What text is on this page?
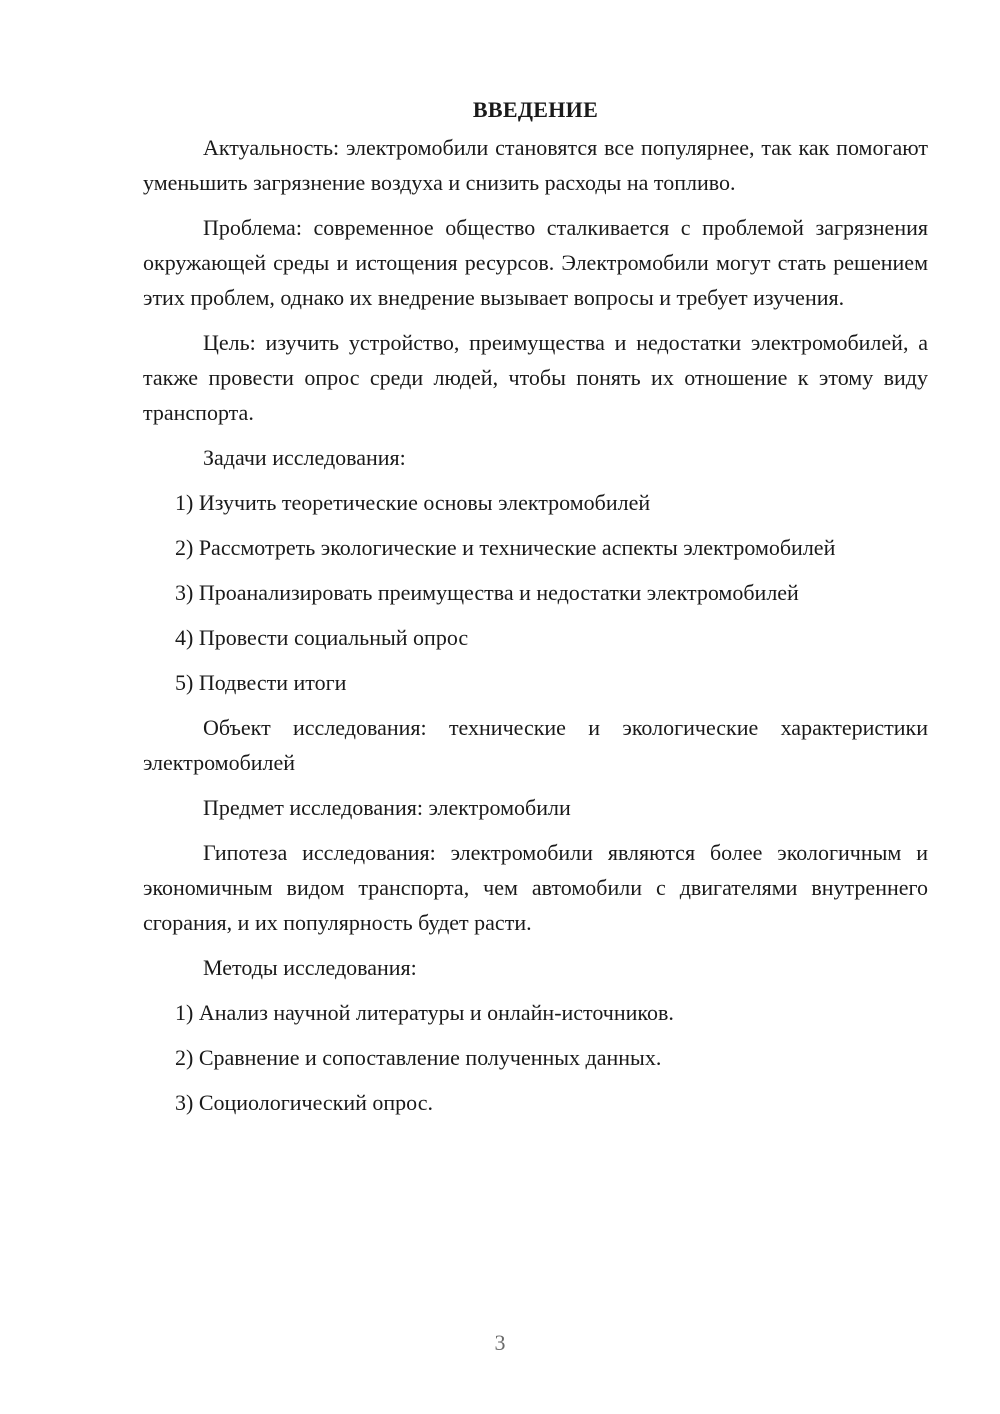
ВВЕДЕНИЕ

Актуальность: электромобили становятся все популярнее, так как помогают уменьшить загрязнение воздуха и снизить расходы на топливо.

Проблема: современное общество сталкивается с проблемой загрязнения окружающей среды и истощения ресурсов. Электромобили могут стать решением этих проблем, однако их внедрение вызывает вопросы и требует изучения.

Цель: изучить устройство, преимущества и недостатки электромобилей, а также провести опрос среди людей, чтобы понять их отношение к этому виду транспорта.

Задачи исследования:

1) Изучить теоретические основы электромобилей

2) Рассмотреть экологические и технические аспекты электромобилей

3) Проанализировать преимущества и недостатки электромобилей

4) Провести социальный опрос

5) Подвести итоги

Объект исследования: технические и экологические характеристики электромобилей

Предмет исследования: электромобили

Гипотеза исследования: электромобили являются более экологичным и экономичным видом транспорта, чем автомобили с двигателями внутреннего сгорания, и их популярность будет расти.

Методы исследования:

1) Анализ научной литературы и онлайн-источников.

2) Сравнение и сопоставление полученных данных.

3) Социологический опрос.

3
